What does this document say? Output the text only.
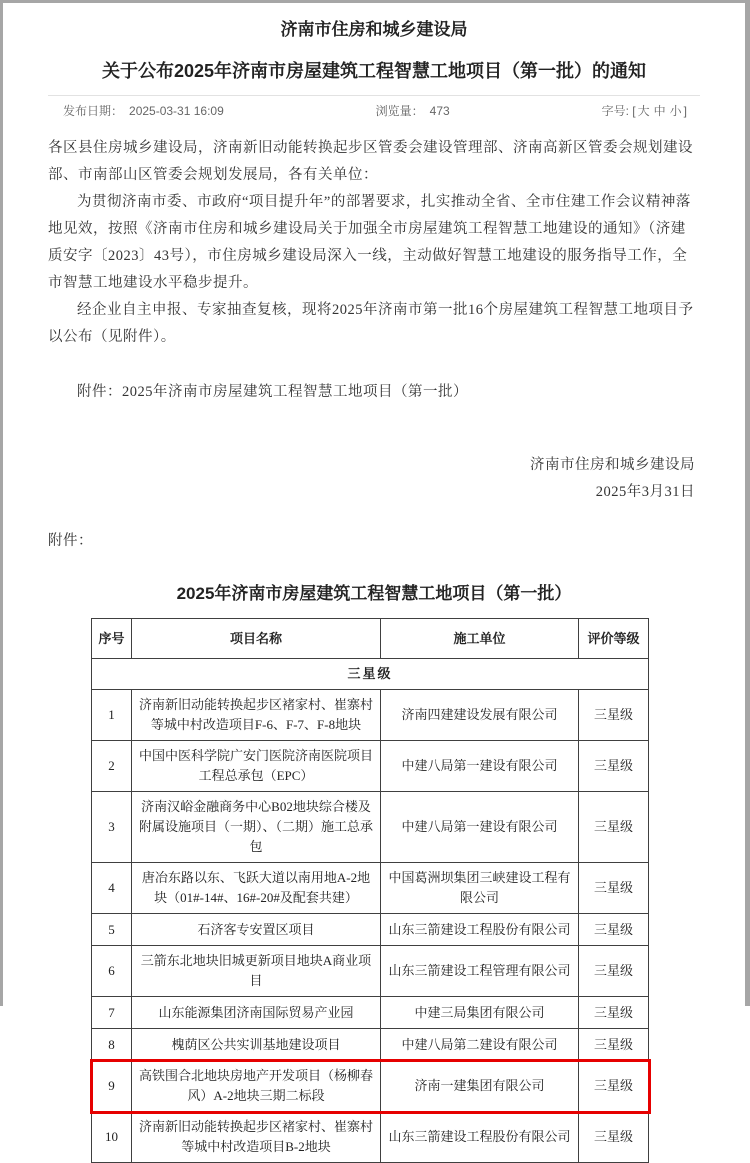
济南市住房和城乡建设局
关于公布2025年济南市房屋建筑工程智慧工地项目（第一批）的通知
发布日期： 2025-03-31 16:09	浏览量： 473	字号: [ 大 中 小 ]

各区县住房城乡建设局，济南新旧动能转换起步区管委会建设管理部、济南高新区管委会规划建设部、市南部山区管委会规划发展局，各有关单位：

为贯彻济南市委、市政府“项目提升年”的部署要求，扎实推动全省、全市住建工作会议精神落地见效，按照《济南市住房和城乡建设局关于加强全市房屋建筑工程智慧工地建设的通知》（济建质安字〔2023〕43号），市住房城乡建设局深入一线，主动做好智慧工地建设的服务指导工作，全市智慧工地建设水平稳步提升。

经企业自主申报、专家抽查复核，现将2025年济南市第一批16个房屋建筑工程智慧工地项目予以公布（见附件）。

附件：2025年济南市房屋建筑工程智慧工地项目（第一批）

济南市住房和城乡建设局

2025年3月31日

附件：

2025年济南市房屋建筑工程智慧工地项目（第一批）
序号	项目名称	施工单位	评价等级
三星级			
1	济南新旧动能转换起步区褚家村、崔寨村等城中村改造项目F-6、F-7、F-8地块	济南四建建设发展有限公司	三星级
2	中国中医科学院广安门医院济南医院项目工程总承包（EPC）	中建八局第一建设有限公司	三星级
3	济南汉峪金融商务中心B02地块综合楼及附属设施项目（一期）、（二期）施工总承包	中建八局第一建设有限公司	三星级
4	唐冶东路以东、飞跃大道以南用地A-2地块（01#-14#、16#-20#及配套共建）	中国葛洲坝集团三峡建设工程有限公司	三星级
5	石济客专安置区项目	山东三箭建设工程股份有限公司	三星级
6	三箭东北地块旧城更新项目地块A商业项目	山东三箭建设工程管理有限公司	三星级
7	山东能源集团济南国际贸易产业园	中建三局集团有限公司	三星级
8	槐荫区公共实训基地建设项目	中建八局第二建设有限公司	三星级
9	高铁围合北地块房地产开发项目（杨柳春风）A-2地块三期二标段	济南一建集团有限公司	三星级
10	济南新旧动能转换起步区褚家村、崔寨村等城中村改造项目B-2地块	山东三箭建设工程股份有限公司	三星级
